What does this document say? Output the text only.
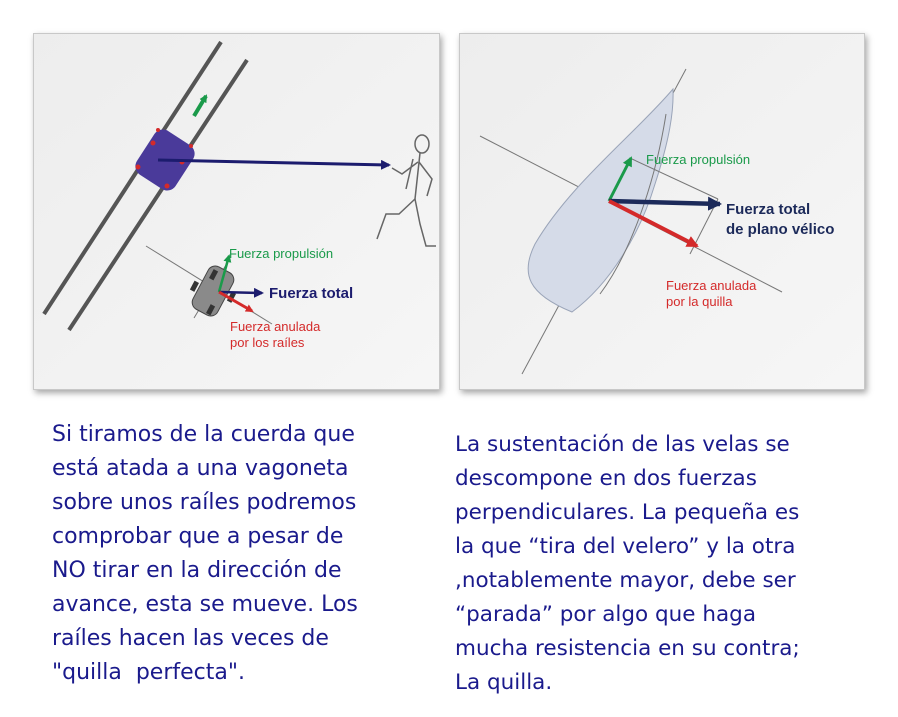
Fuerza propulsión
Fuerza total
Fuerza anulada
por los raíles
Fuerza propulsión
Fuerza total
de plano vélico
Fuerza anulada
por la quilla

Si tiramos de la cuerda que
está atada a una vagoneta
sobre unos raíles podremos
comprobar que a pesar de
NO tirar en la dirección de
avance, esta se mueve. Los
raíles hacen las veces de
"quilla  perfecta".

La sustentación de las velas se
descompone en dos fuerzas
perpendiculares. La pequeña es
la que “tira del velero” y la otra
,notablemente mayor, debe ser
“parada” por algo que haga
mucha resistencia en su contra;
La quilla.
